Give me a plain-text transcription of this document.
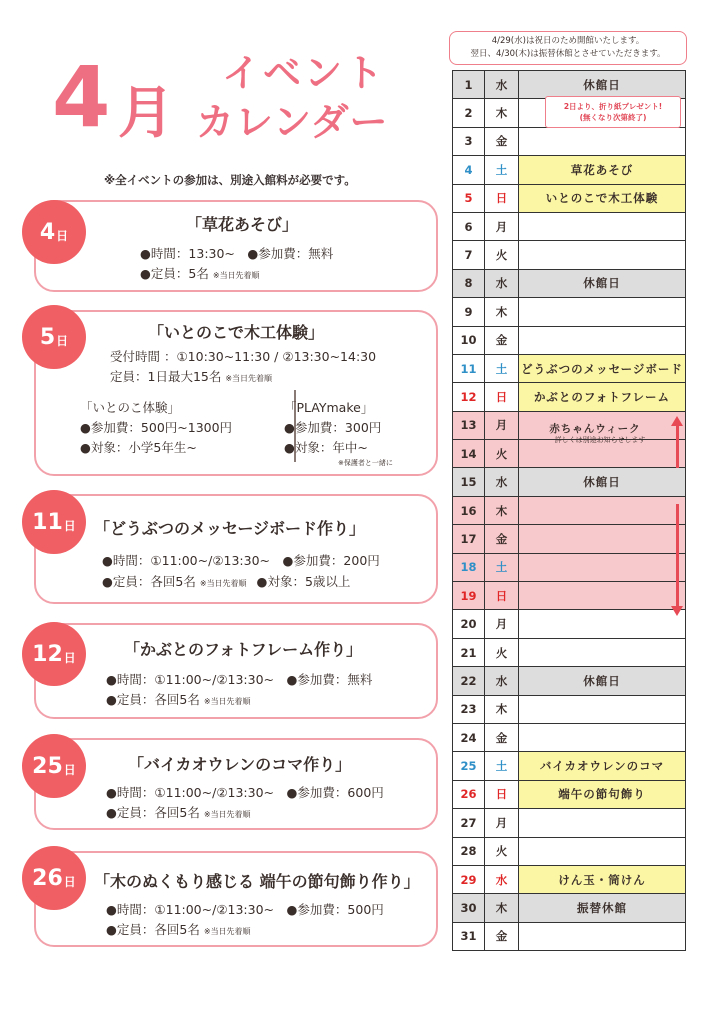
4 月
イベント
カレンダー
※全イベントの参加は、別途入館料が必要です。
「草花あそび」
●時間：13:30~　●参加費：無料
●定員：5名 ※当日先着順
4 日
「いとのこで木工体験」
受付時間 ：①10:30~11:30 / ②13:30~14:30
定員：1日最大15名 ※当日先着順
「いとのこ体験」
●参加費：500円~1300円
●対象：小学5年生~
「PLAYmake」
●参加費：300円
●対象：年中~
※保護者と一緒に
5 日
「どうぶつのメッセージボード作り」
●時間：①11:00~/②13:30~　●参加費：200円
●定員：各回5名 ※当日先着順 ●対象：5歳以上
11 日
「かぶとのフォトフレーム作り」
●時間：①11:00~/②13:30~　●参加費：無料
●定員：各回5名 ※当日先着順
12 日
「バイカオウレンのコマ作り」
●時間：①11:00~/②13:30~　●参加費：600円
●定員：各回5名 ※当日先着順
25 日
「木のぬくもり感じる 端午の節句飾り作り」
●時間：①11:00~/②13:30~　●参加費：500円
●定員：各回5名 ※当日先着順
26 日
4/29(水)は祝日のため開館いたします。
翌日、4/30(木)は振替休館とさせていただきます。
1	水	休館日
2	木	
3	金	
4	土	草花あそび
5	日	いとのこで木工体験
6	月	
7	火	
8	水	休館日
9	木	
10	金	
11	土	どうぶつのメッセージボード
12	日	かぶとのフォトフレーム
13	月	
14	火	
15	水	休館日
16	木	
17	金	
18	土	
19	日	
20	月	
21	火	
22	水	休館日
23	木	
24	金	
25	土	バイカオウレンのコマ
26	日	端午の節句飾り
27	月	
28	火	
29	水	けん玉・筒けん
30	木	振替休館
31	金	
2日より、折り紙プレゼント!
(無くなり次第終了)
赤ちゃんウィーク
詳しくは別途お知らせします
